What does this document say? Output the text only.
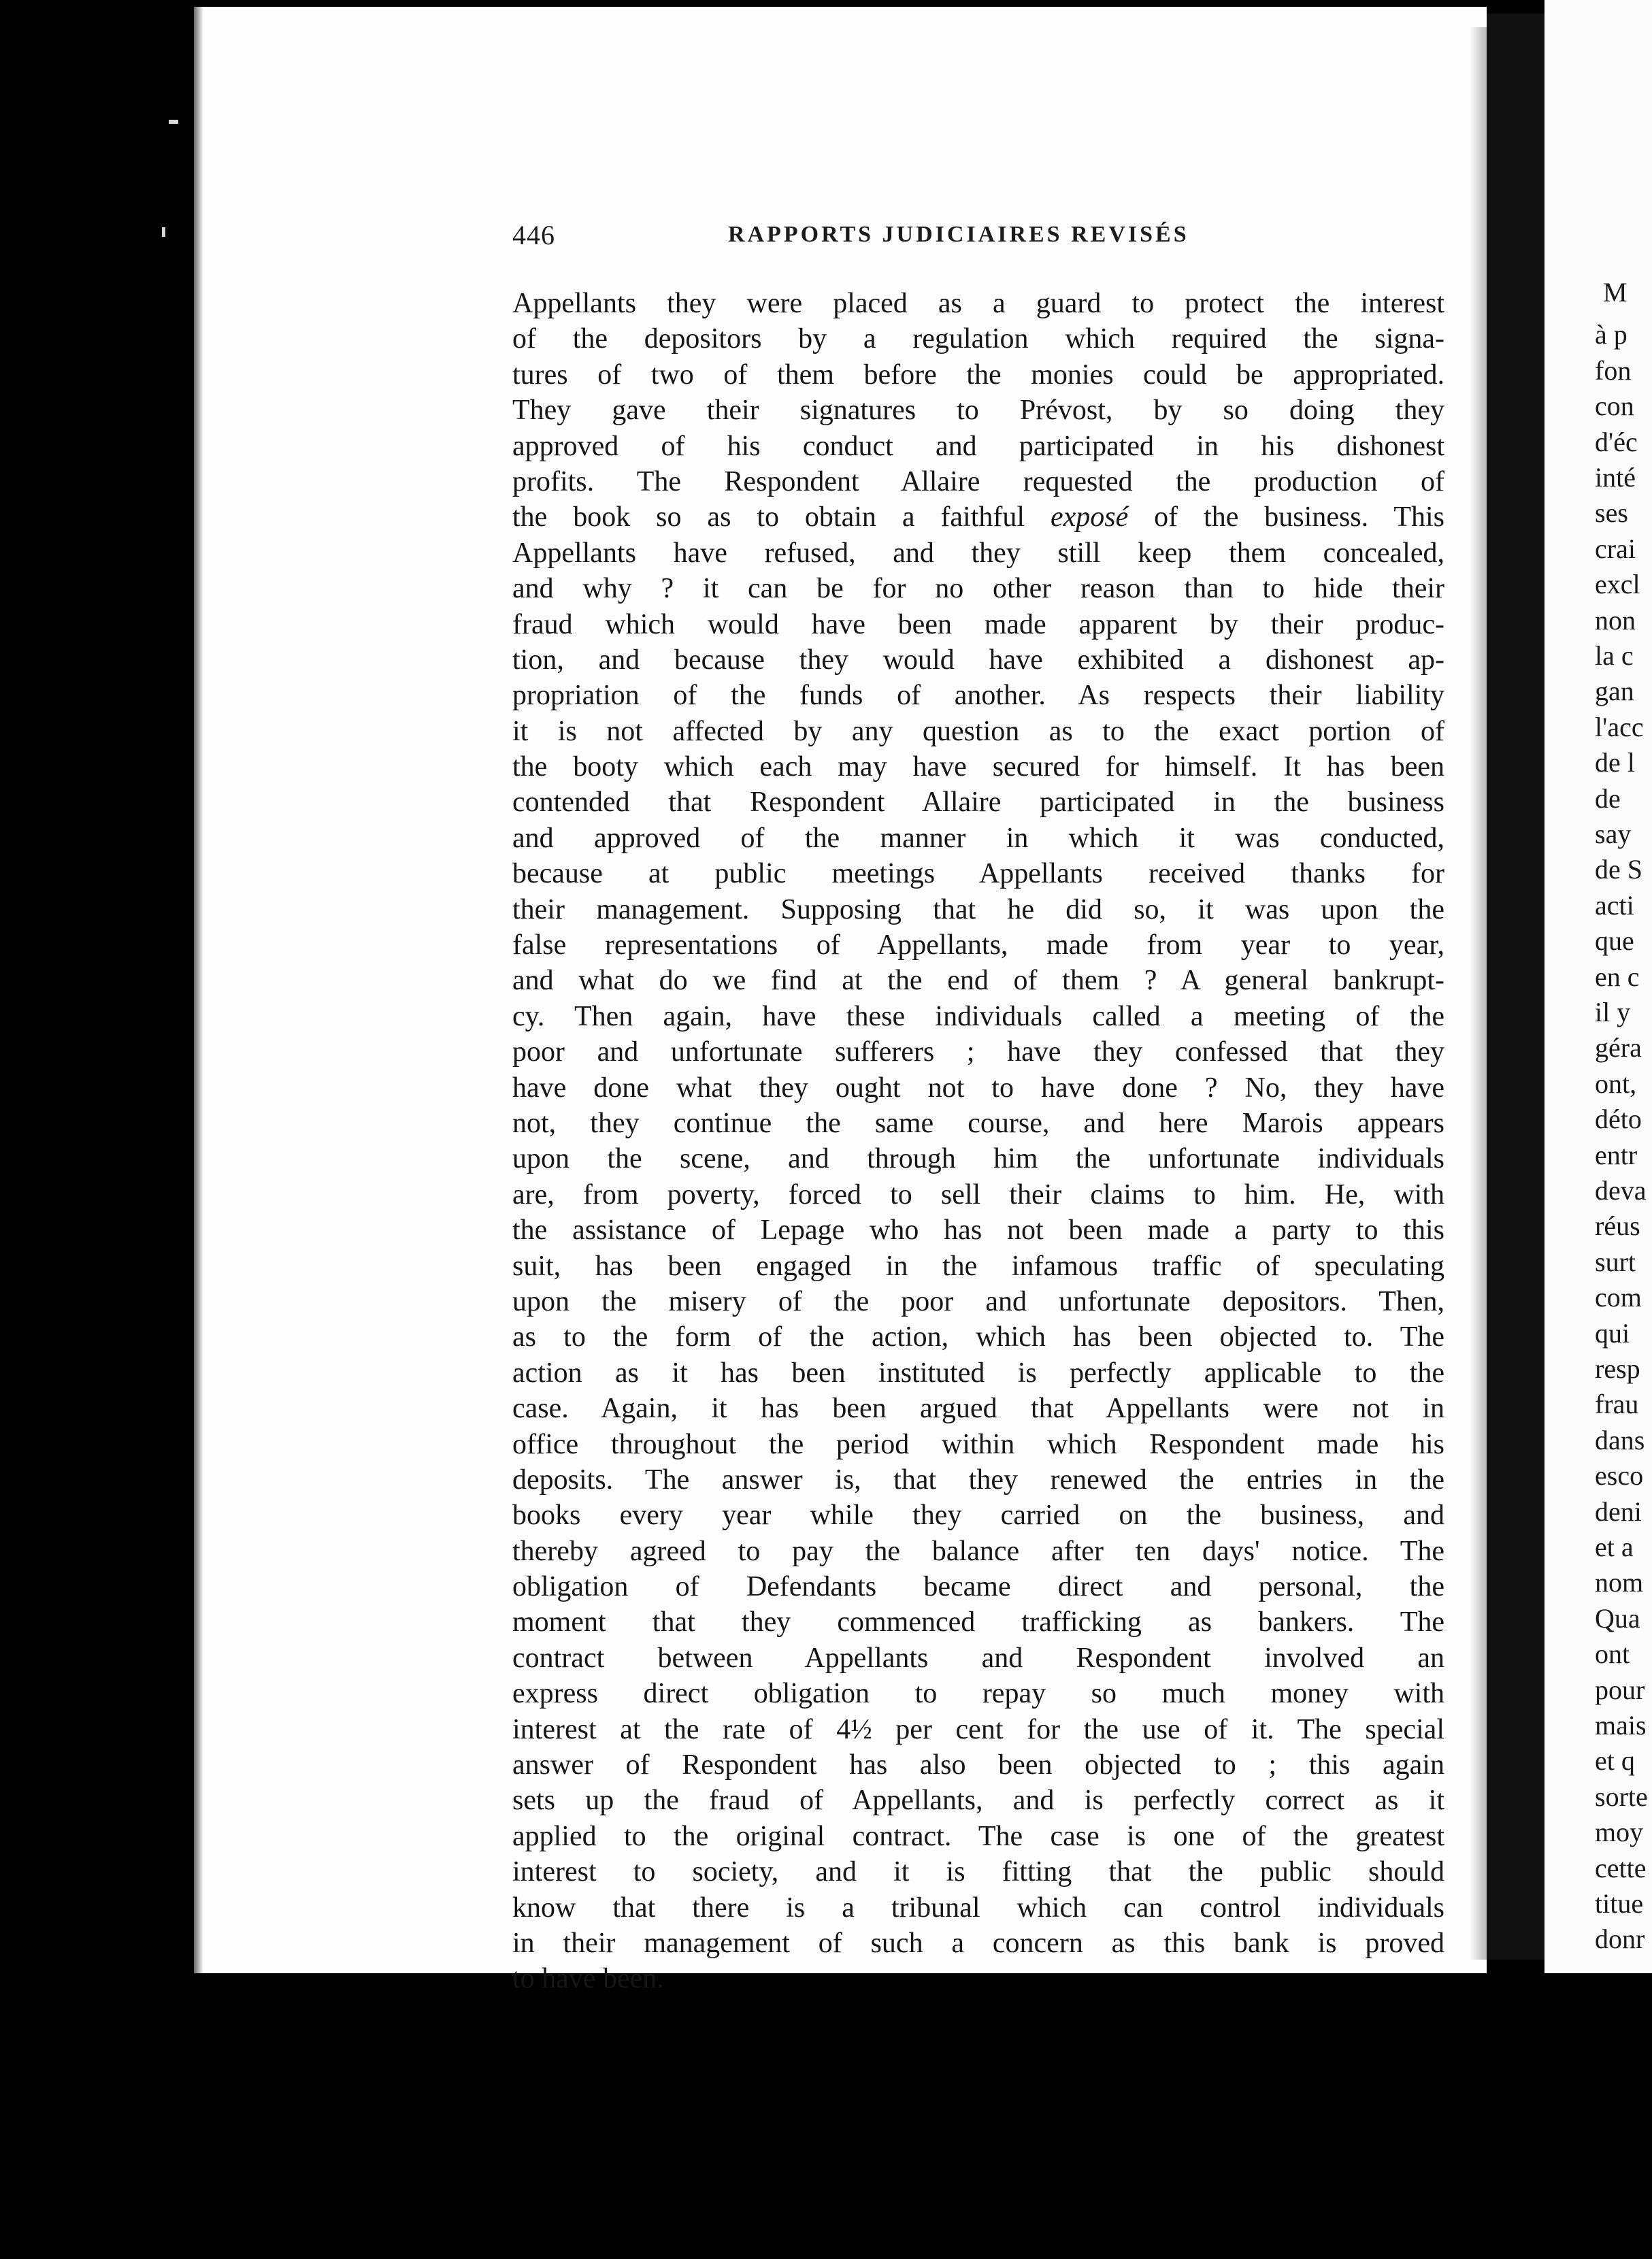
M
à p
fon
con
d'éc
inté
ses
crai
excl
non
la c
gan
l'acc
de l
de
say
de S
acti
que
en c
il y
géra
ont,
déto
entr
deva
réus
surt
com
qui
resp
frau
dans
esco
deni
et a
nom
Qua
ont
pour
mais
et q
sorte
moy
cette
titue
donr
446	RAPPORTS JUDICIAIRES REVISÉS
Appellants they were placed as a guard to protect the interest
of the depositors by a regulation which required the signa-
tures of two of them before the monies could be appropriated.
They gave their signatures to Prévost, by so doing they
approved of his conduct and participated in his dishonest
profits. The Respondent Allaire requested the production of
the book so as to obtain a faithful exposé of the business. This
Appellants have refused, and they still keep them concealed,
and why ? it can be for no other reason than to hide their
fraud which would have been made apparent by their produc-
tion, and because they would have exhibited a dishonest ap-
propriation of the funds of another. As respects their liability
it is not affected by any question as to the exact portion of
the booty which each may have secured for himself. It has been
contended that Respondent Allaire participated in the business
and approved of the manner in which it was conducted,
because at public meetings Appellants received thanks for
their management. Supposing that he did so, it was upon the
false representations of Appellants, made from year to year,
and what do we find at the end of them ? A general bankrupt-
cy. Then again, have these individuals called a meeting of the
poor and unfortunate sufferers ; have they confessed that they
have done what they ought not to have done ? No, they have
not, they continue the same course, and here Marois appears
upon the scene, and through him the unfortunate individuals
are, from poverty, forced to sell their claims to him. He, with
the assistance of Lepage who has not been made a party to this
suit, has been engaged in the infamous traffic of speculating
upon the misery of the poor and unfortunate depositors. Then,
as to the form of the action, which has been objected to. The
action as it has been instituted is perfectly applicable to the
case. Again, it has been argued that Appellants were not in
office throughout the period within which Respondent made his
deposits. The answer is, that they renewed the entries in the
books every year while they carried on the business, and
thereby agreed to pay the balance after ten days' notice. The
obligation of Defendants became direct and personal, the
moment that they commenced trafficking as bankers. The
contract between Appellants and Respondent involved an
express direct obligation to repay so much money with
interest at the rate of 4½ per cent for the use of it. The special
answer of Respondent has also been objected to ; this again
sets up the fraud of Appellants, and is perfectly correct as it
applied to the original contract. The case is one of the greatest
interest to society, and it is fitting that the public should
know that there is a tribunal which can control individuals
in their management of such a concern as this bank is proved
to have been.
